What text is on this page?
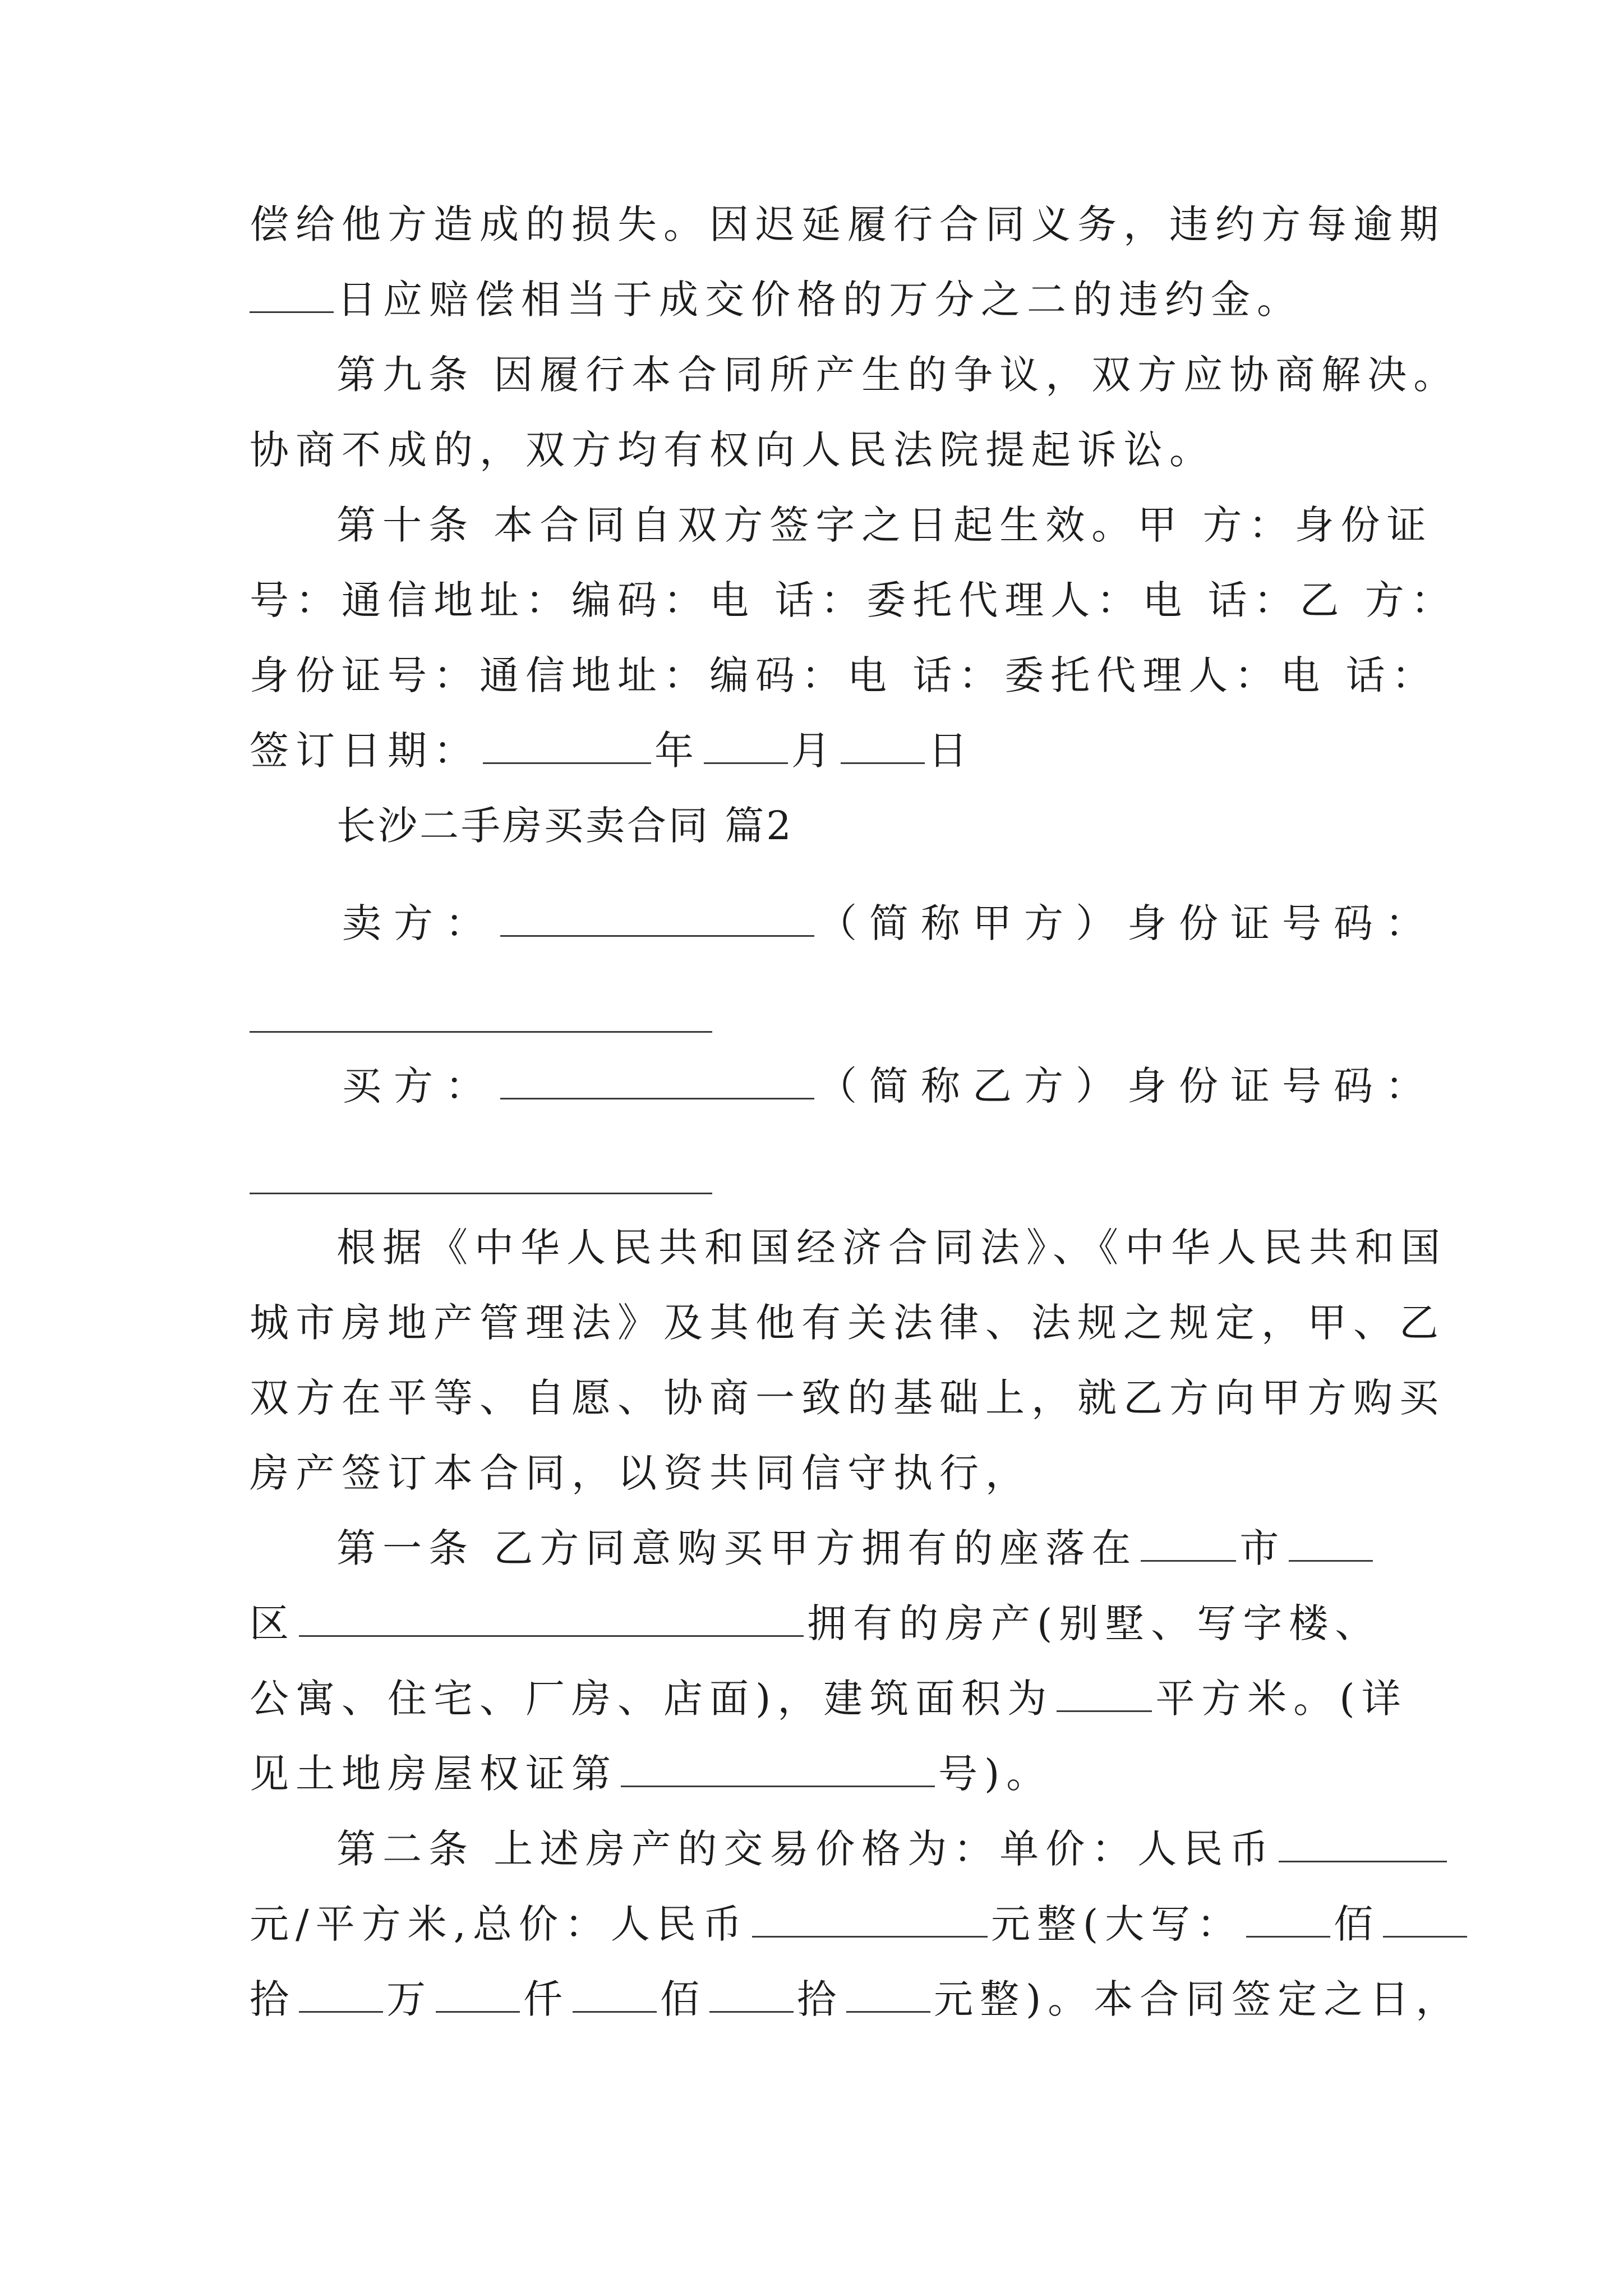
偿给他方造成的损失。因迟延履行合同义务，违约方每逾期
日应赔偿相当于成交价格的万分之二的违约金。
第九条 因履行本合同所产生的争议，双方应协商解决。
协商不成的，双方均有权向人民法院提起诉讼。
第十条 本合同自双方签字之日起生效。甲 方：身份证
号：通信地址：编码：电 话：委托代理人：电 话：乙 方：
身份证号：通信地址：编码：电 话：委托代理人：电 话：
签订日期：	年 月 日
长沙二手房买卖合同 篇2
卖方：	（简称甲方）身份证号码：
买方：	（简称乙方）身份证号码：
根据《中华人民共和国经济合同法》、《中华人民共和国
城市房地产管理法》及其他有关法律、法规之规定，甲、乙
双方在平等、自愿、协商一致的基础上，就乙方向甲方购买
房产签订本合同，以资共同信守执行，
第一条 乙方同意购买甲方拥有的座落在	市
区	拥有的房产(别墅、写字楼、
公寓、住宅、厂房、店面)，建筑面积为	平方米。(详
见土地房屋权证第	号)。
第二条 上述房产的交易价格为：单价：人民币
元/平方米,总价：人民币	元整(大写： 佰
拾 万 仟 佰 拾 元整)。本合同签定之日，
